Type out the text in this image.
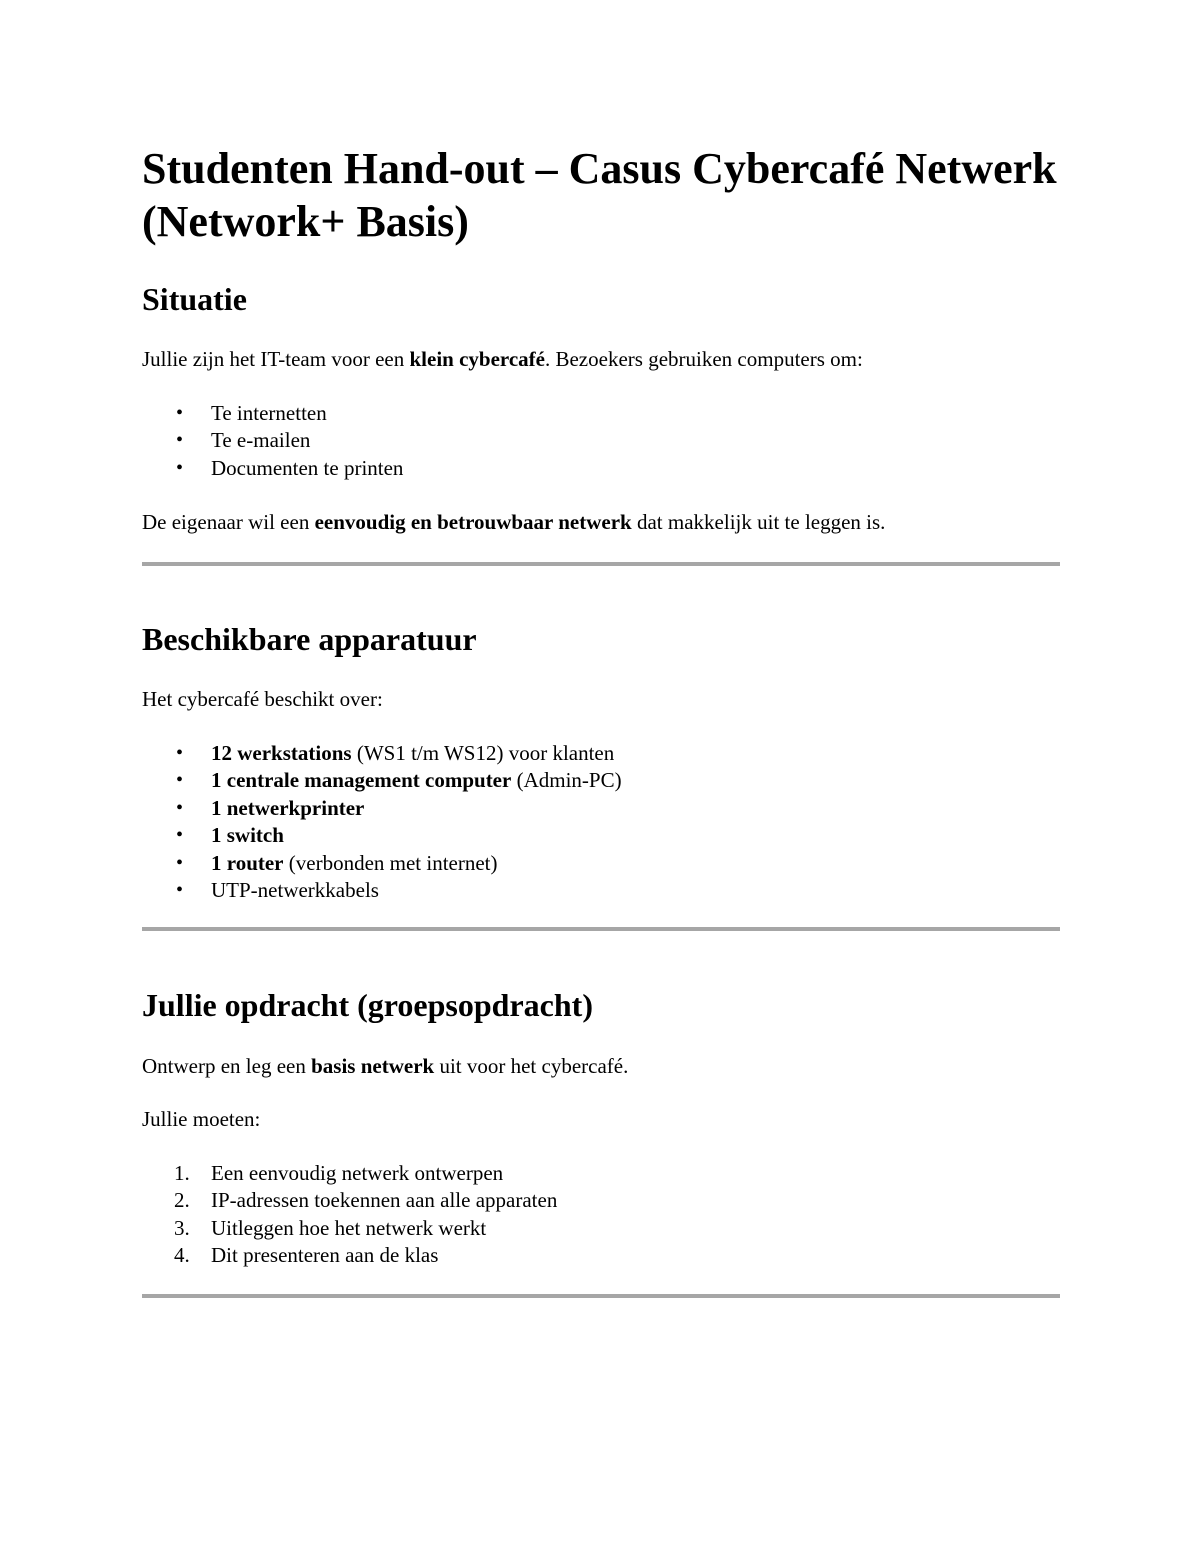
Studenten Hand-out – Casus Cybercafé Netwerk (Network+ Basis)
Situatie

Jullie zijn het IT-team voor een klein cybercafé. Bezoekers gebruiken computers om:

• Te internetten
• Te e-mailen
• Documenten te printen

De eigenaar wil een eenvoudig en betrouwbaar netwerk dat makkelijk uit te leggen is.

Beschikbare apparatuur

Het cybercafé beschikt over:

• 12 werkstations (WS1 t/m WS12) voor klanten
• 1 centrale management computer (Admin-PC)
• 1 netwerkprinter
• 1 switch
• 1 router (verbonden met internet)
• UTP-netwerkkabels
Jullie opdracht (groepsopdracht)

Ontwerp en leg een basis netwerk uit voor het cybercafé.

Jullie moeten:

1. Een eenvoudig netwerk ontwerpen
2. IP-adressen toekennen aan alle apparaten
3. Uitleggen hoe het netwerk werkt
4. Dit presenteren aan de klas
